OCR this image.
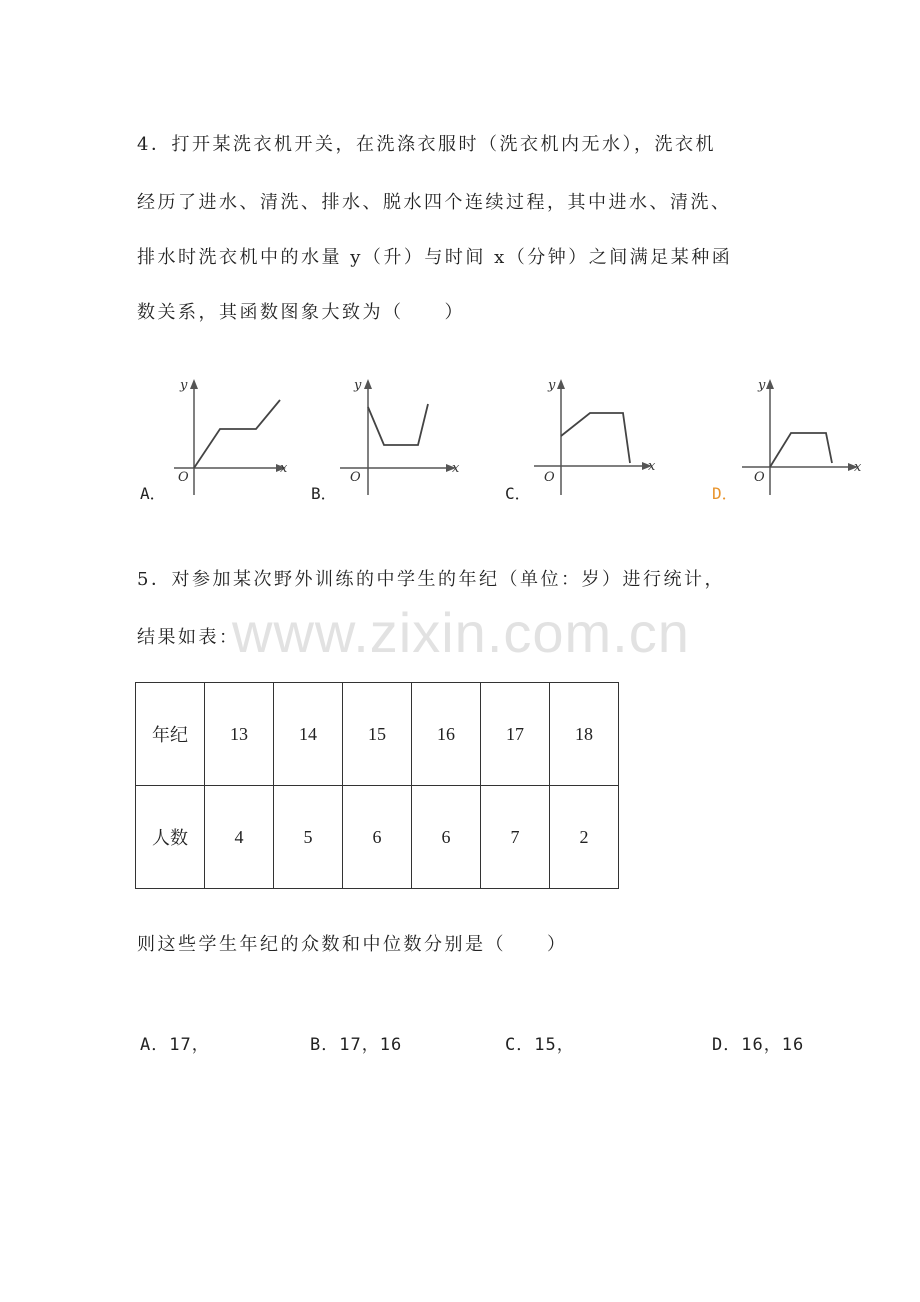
4．打开某洗衣机开关，在洗涤衣服时（洗衣机内无水），洗衣机
经历了进水、清洗、排水、脱水四个连续过程，其中进水、清洗、
排水时洗衣机中的水量 y（升）与时间 x（分钟）之间满足某种函
数关系，其函数图象大致为（　　）
A．
y
x
O
B．
y
x
O
C．
y
x
O
D．
y
x
O
5．对参加某次野外训练的中学生的年纪（单位：岁）进行统计，
结果如表：
www.zixin.com.cn
年纪	13	14	15	16	17	18
人数	4	5	6	6	7	2
则这些学生年纪的众数和中位数分别是（　　）
A．17，	B．17，16	C．15，	D．16，16
